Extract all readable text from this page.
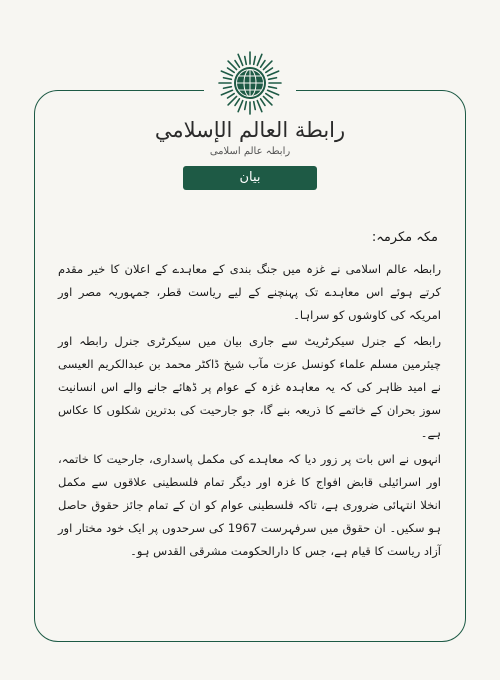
رابطة العالم الإسلامي
رابطہ عالم اسلامی
بیان
مکہ مکرمہ:

رابطہ عالم اسلامی نے غزہ میں جنگ بندی کے معاہدے کے اعلان کا خیر مقدم کرتے ہوئے اس معاہدے تک پہنچنے کے لیے ریاست قطر، جمہوریہ مصر اور امریکہ کی کاوشوں کو سراہا۔

رابطہ کے جنرل سیکرٹریٹ سے جاری بیان میں سیکرٹری جنرل رابطہ اور چیئرمین مسلم علماء کونسل عزت مآب شیخ ڈاکٹر محمد بن عبدالکریم العیسی نے امید ظاہر کی کہ یہ معاہدہ غزہ کے عوام پر ڈھائے جانے والے اس انسانیت سوز بحران کے خاتمے کا ذریعہ بنے گا، جو جارحیت کی بدترین شکلوں کا عکاس ہے۔

انہوں نے اس بات پر زور دیا کہ معاہدے کی مکمل پاسداری، جارحیت کا خاتمہ، اور اسرائیلی قابض افواج کا غزہ اور دیگر تمام فلسطینی علاقوں سے مکمل انخلا انتہائی ضروری ہے، تاکہ فلسطینی عوام کو ان کے تمام جائز حقوق حاصل ہو سکیں۔ ان حقوق میں سرفہرست 1967 کی سرحدوں پر ایک خود مختار اور آزاد ریاست کا قیام ہے، جس کا دارالحکومت مشرقی القدس ہو۔
